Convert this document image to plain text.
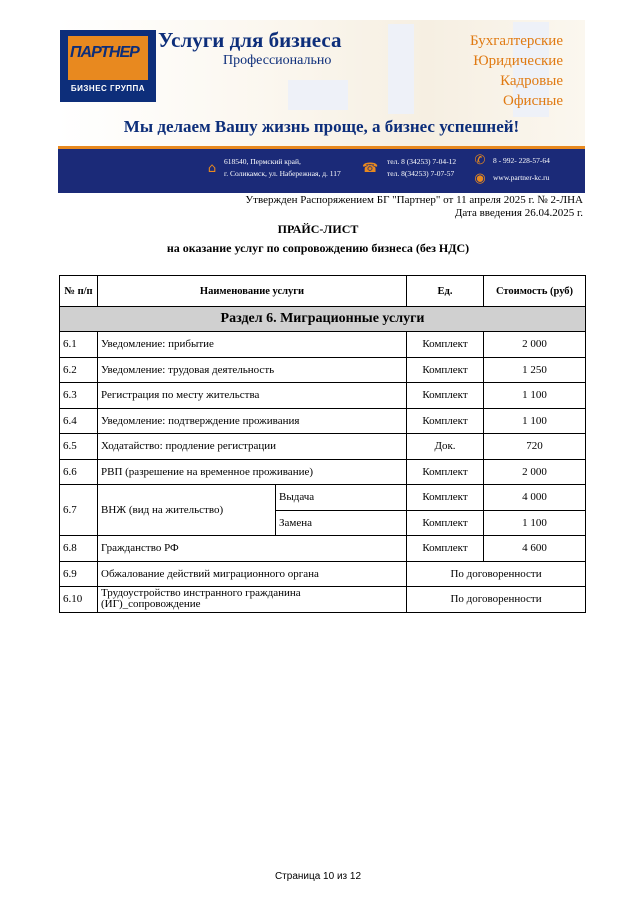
ПАРТНЕР
БИЗНЕС ГРУППА
Услуги для бизнеса
Профессионально
Бухгалтерские
Юридические
Кадровые
Офисные
Мы делаем Вашу жизнь проще, а бизнес успешней!
⌂	618540, Пермский край,
г. Соликамск, ул. Набережная, д. 117 ☎ тел. 8 (34253) 7-04-12
тел. 8(34253) 7-07-57
✆	8 - 992- 228-57-64
◉ www.partner-kc.ru
Утвержден Распоряжением БГ "Партнер" от 11 апреля 2025 г. № 2-ЛНА
Дата введения 26.04.2025 г.
ПРАЙС-ЛИСТ
на оказание услуг по сопровождению бизнеса (без НДС)
№ п/п	Наименование услуги		Ед.	Стоимость (руб)
Раздел 6. Миграционные услуги				
6.1	Уведомление: прибытие		Комплект	2 000
6.2	Уведомление: трудовая деятельность		Комплект	1 250
6.3	Регистрация по месту жительства		Комплект	1 100
6.4	Уведомление: подтверждение проживания		Комплект	1 100
6.5	Ходатайство: продление регистрации		Док.	720
6.6	РВП (разрешение на временное проживание)		Комплект	2 000
6.7	ВНЖ (вид на жительство)	Выдача	Комплект	4 000
		Замена	Комплект	1 100
6.8	Гражданство РФ		Комплект	4 600
6.9	Обжалование действий миграционного органа		По договоренности	
6.10	Трудоустройство инстранного гражданина
(ИГ)_сопровождение		По договоренности	
Страница 10 из 12
